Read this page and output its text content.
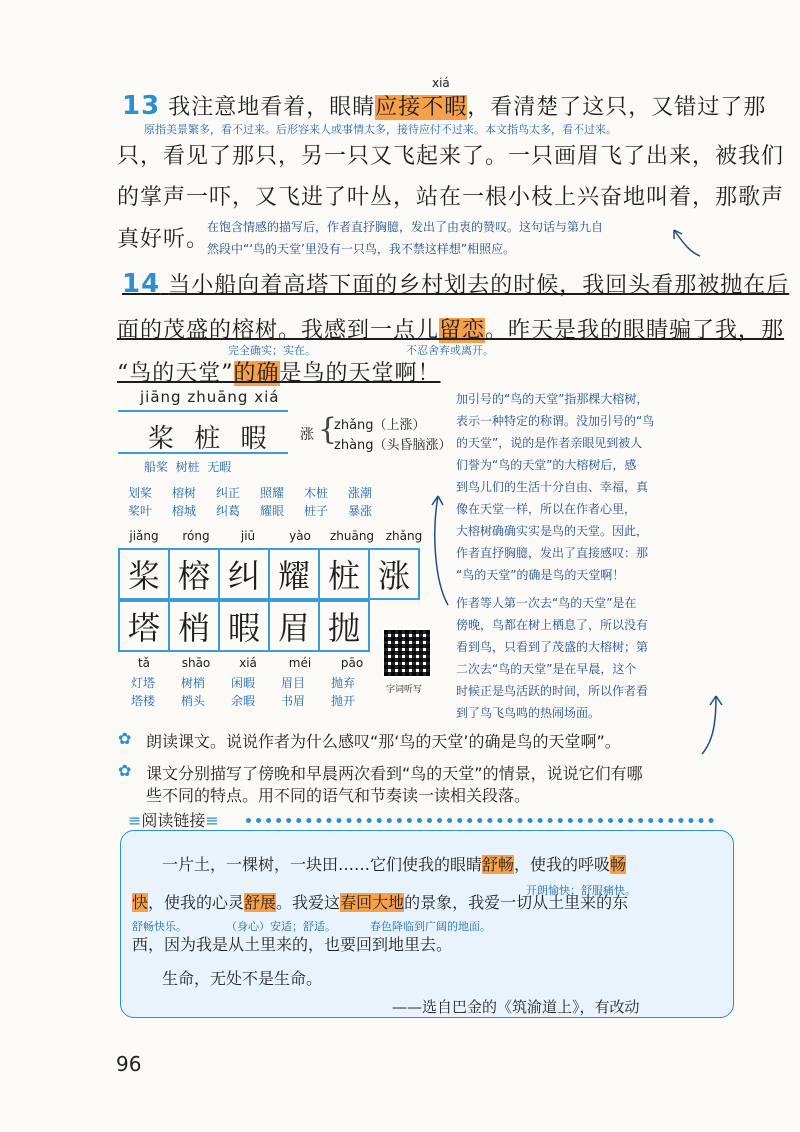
xiá
13 我注意地看着，眼睛应接不暇，看清楚了这只，又错过了那
原指美景繁多，看不过来。后形容来人或事情太多，接待应付不过来。本文指鸟太多，看不过来。
只，看见了那只，另一只又飞起来了。一只画眉飞了出来，被我们
的掌声一吓，又飞进了叶丛，站在一根小枝上兴奋地叫着，那歌声
真好听。
在饱含情感的描写后，作者直抒胸臆，发出了由衷的赞叹。这句话与第九自
然段中“‘鸟的天堂’里没有一只鸟，我不禁这样想”相照应。
14 当小船向着高塔下面的乡村划去的时候，我回头看那被抛在后
面的茂盛的榕树。我感到一点儿留恋。昨天是我的眼睛骗了我，那
完全确实；实在。	不忍舍弃或离开。
“鸟的天堂”的确是鸟的天堂啊！
jiāng zhuāng xiá
桨 桩 暇
船桨  树桩  无暇
涨 {
zhǎng（上涨）
zhàng（头昏脑涨）
划桨	榕树	纠正	照耀	木桩	涨潮
桨叶	榕城	纠葛	耀眼	桩子	暴涨
jiǎng	róng	jiū	yào	zhuāng	zhǎng
桨	榕	纠	耀	桩	涨
塔	梢	暇	眉	抛
字词听写
tǎ	shāo	xiá	méi	pāo
灯塔	树梢	闲暇	眉目	抛弃
塔楼	梢头	余暇	书眉	抛开
加引号的“鸟的天堂”指那棵大榕树，
表示一种特定的称谓。没加引号的“鸟
的天堂”，说的是作者亲眼见到被人
们誉为“鸟的天堂”的大榕树后，感
到鸟儿们的生活十分自由、幸福，真
像在天堂一样，所以在作者心里，
大榕树确确实实是鸟的天堂。因此，
作者直抒胸臆，发出了直接感叹：那
“鸟的天堂”的确是鸟的天堂啊！
作者等人第一次去“鸟的天堂”是在
傍晚，鸟都在树上栖息了，所以没有
看到鸟，只看到了茂盛的大榕树；第
二次去“鸟的天堂”是在早晨，这个
时候正是鸟活跃的时间，所以作者看
到了鸟飞鸟鸣的热闹场面。
✿ 朗读课文。说说作者为什么感叹“那‘鸟的天堂’的确是鸟的天堂啊”。
✿ 课文分别描写了傍晚和早晨两次看到“鸟的天堂”的情景，说说它们有哪
些不同的特点。用不同的语气和节奏读一读相关段落。
≡阅读链接≡
一片土，一棵树，一块田……它们使我的眼睛舒畅，使我的呼吸畅
开朗愉快；舒服痛快。
快，使我的心灵舒展。我爱这春回大地的景象，我爱一切从土里来的东
舒畅快乐。	（身心）安适；舒适。	春色降临到广阔的地面。
西，因为我是从土里来的，也要回到地里去。
生命，无处不是生命。
——选自巴金的《筑渝道上》，有改动
96
